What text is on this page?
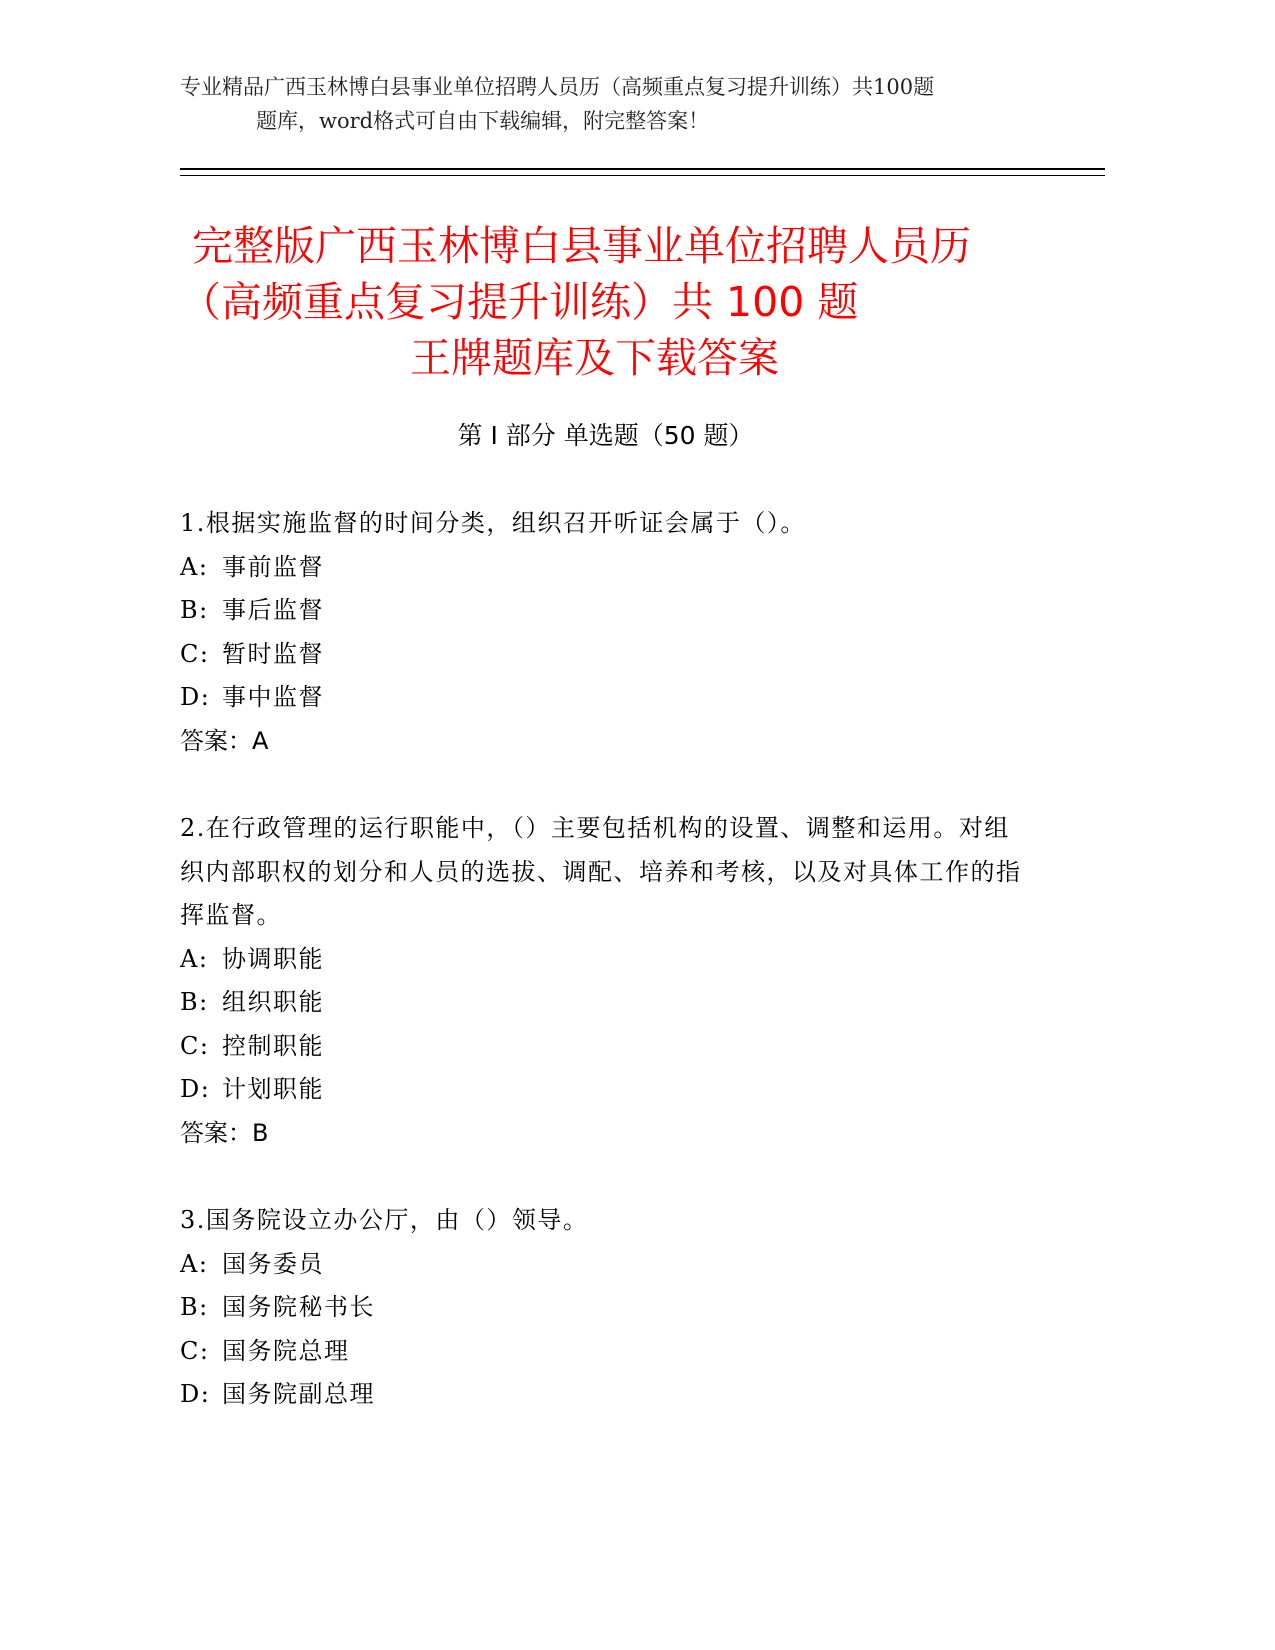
专业精品广西玉林博白县事业单位招聘人员历（高频重点复习提升训练）共100题
题库，word格式可自由下载编辑，附完整答案！
完整版广西玉林博白县事业单位招聘人员历
（高频重点复习提升训练）共 100 题
王牌题库及下载答案
第 I 部分 单选题（50 题）
1.根据实施监督的时间分类，组织召开听证会属于（）。
A: 事前监督
B: 事后监督
C: 暂时监督
D: 事中监督
答案：A
2.在行政管理的运行职能中，（）主要包括机构的设置、调整和运用。对组织内部职权的划分和人员的选拔、调配、培养和考核，以及对具体工作的指挥监督。
A: 协调职能
B: 组织职能
C: 控制职能
D: 计划职能
答案：B
3.国务院设立办公厅，由（）领导。
A: 国务委员
B: 国务院秘书长
C: 国务院总理
D: 国务院副总理
